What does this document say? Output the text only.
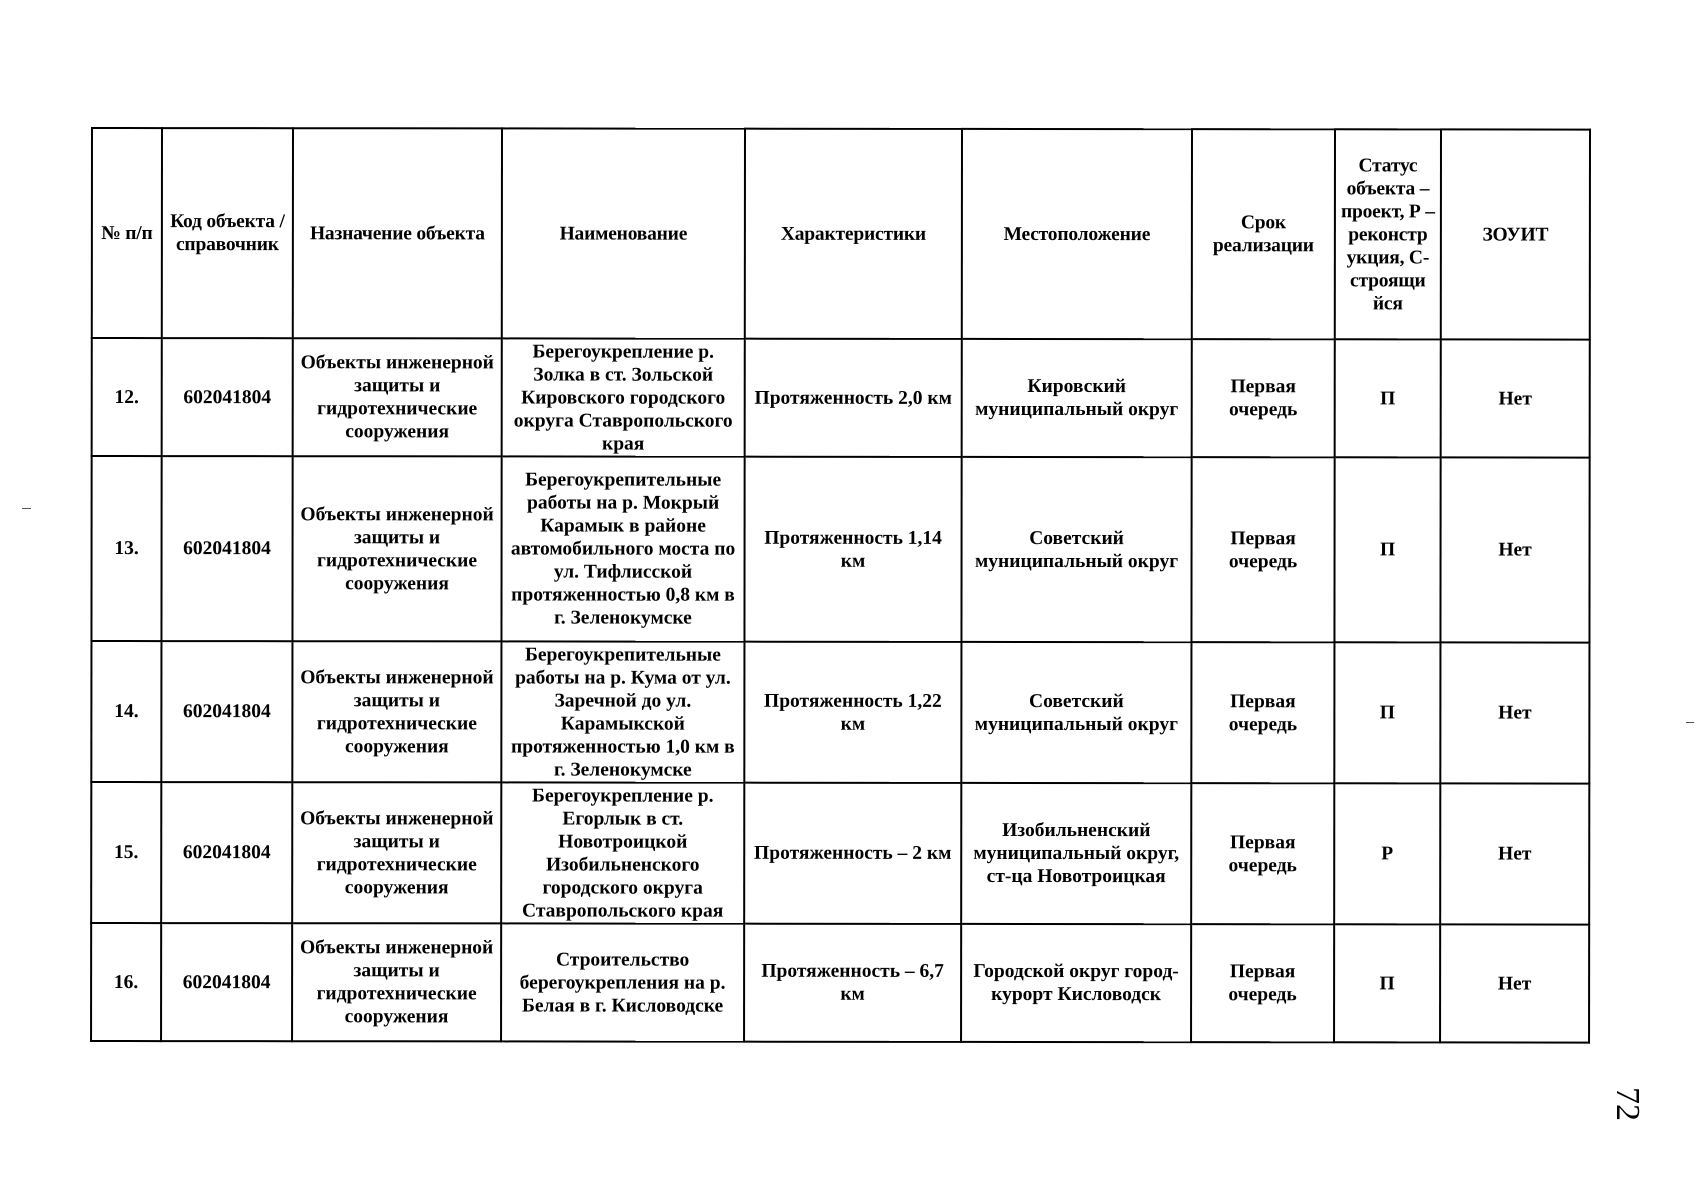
№ п/п	Код объекта / справочник	Назначение объекта	Наименование	Характеристики	Местоположение	Срок реализации	Статус объекта – проект, Р – реконстр укция, С- строящи йся	ЗОУИТ
12.	602041804	Объекты инженерной защиты и гидротехнические сооружения	Берегоукрепление р. Золка в ст. Зольской Кировского городского округа Ставропольского края	Протяженность 2,0 км	Кировский муниципальный округ	Первая очередь	П	Нет
13.	602041804	Объекты инженерной защиты и гидротехнические сооружения	Берегоукрепительные работы на р. Мокрый Карамык в районе автомобильного моста по ул. Тифлисской протяженностью 0,8 км в г. Зеленокумске	Протяженность 1,14 км	Советский муниципальный округ	Первая очередь	П	Нет
14.	602041804	Объекты инженерной защиты и гидротехнические сооружения	Берегоукрепительные работы на р. Кума от ул. Заречной до ул. Карамыкской протяженностью 1,0 км в г. Зеленокумске	Протяженность 1,22 км	Советский муниципальный округ	Первая очередь	П	Нет
15.	602041804	Объекты инженерной защиты и гидротехнические сооружения	Берегоукрепление р. Егорлык в ст. Новотроицкой Изобильненского городского округа Ставропольского края	Протяженность – 2 км	Изобильненский муниципальный округ, ст-ца Новотроицкая	Первая очередь	Р	Нет
16.	602041804	Объекты инженерной защиты и гидротехнические сооружения	Строительство берегоукрепления на р. Белая в г. Кисловодске	Протяженность – 6,7 км	Городской округ город-курорт Кисловодск	Первая очередь	П	Нет
72
